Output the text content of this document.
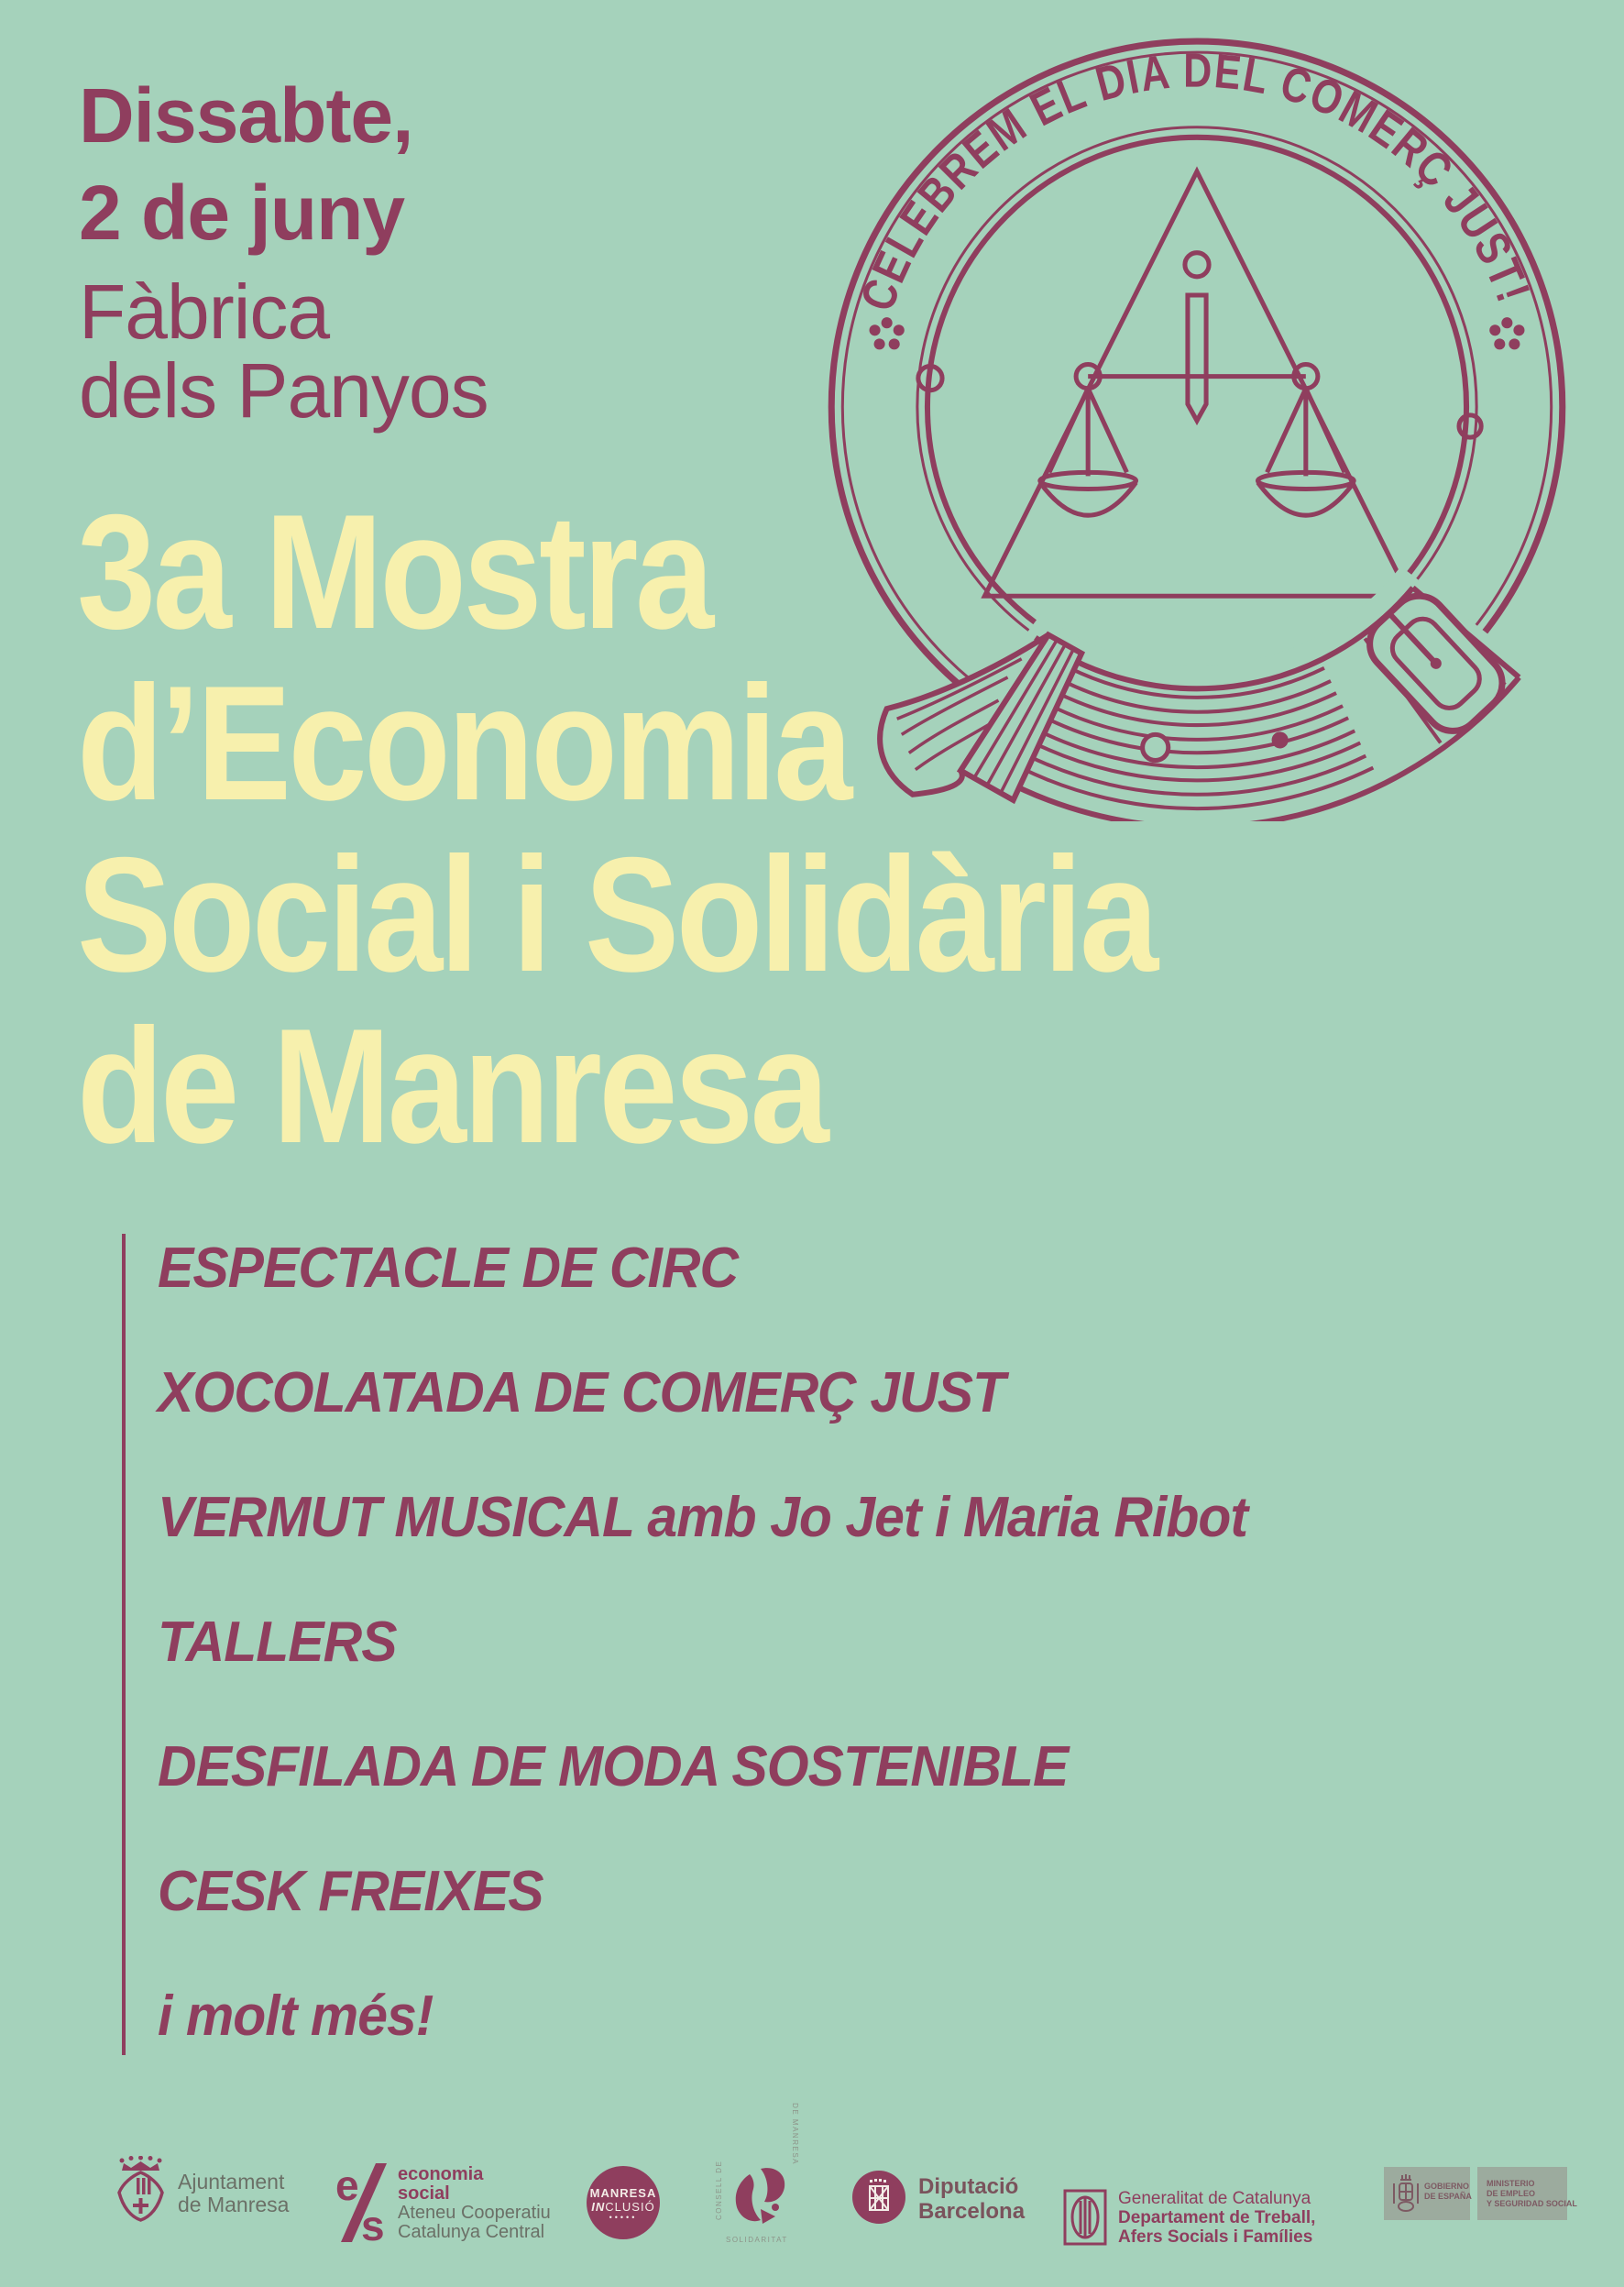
Dissabte,
2 de juny
Fàbrica
dels Panyos
3a Mostra
d’Economia
Social i Solidària
de Manresa
CELEBREM EL DIA DEL COMERÇ JUST!
ESPECTACLE DE CIRC
XOCOLATADA DE COMERÇ JUST
VERMUT MUSICAL amb Jo Jet i Maria Ribot
TALLERS
DESFILADA DE MODA SOSTENIBLE
CESK FREIXES
i molt més!
Ajuntament
de Manresa e
s
economia
social
Ateneu Cooperatiu
Catalunya Central
MANRESA
INCLUSIÓ
•••••	CONSELL DE
DE MANRESA
SOLIDARITAT
Diputació
Barcelona
Generalitat de Catalunya
Departament de Treball,
Afers Socials i Famílies
GOBIERNO
DE ESPAÑA
MINISTERIO
DE EMPLEO
Y SEGURIDAD SOCIAL
